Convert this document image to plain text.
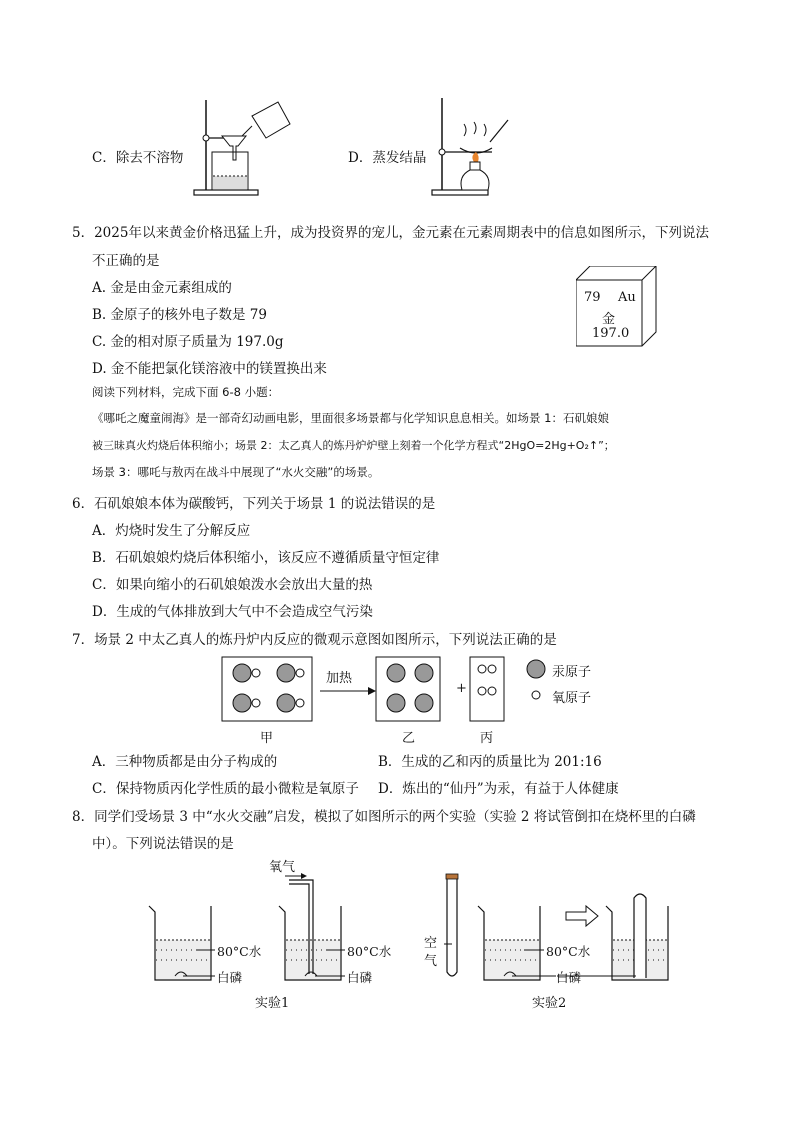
C．除去不溶物	D．蒸发结晶
5．2025年以来黄金价格迅猛上升，成为投资界的宠儿，金元素在元素周期表中的信息如图所示，下列说法
不正确的是
A. 金是由金元素组成的
B. 金原子的核外电子数是 79
C. 金的相对原子质量为 197.0g
D. 金不能把氯化镁溶液中的镁置换出来
79 Au
金
197.0
阅读下列材料，完成下面 6-8 小题：
《哪吒之魔童闹海》是一部奇幻动画电影，里面很多场景都与化学知识息息相关。如场景 1：石矶娘娘
被三昧真火灼烧后体积缩小；场景 2：太乙真人的炼丹炉炉壁上刻着一个化学方程式“2HgO=2Hg+O₂↑”；
场景 3：哪吒与敖丙在战斗中展现了“水火交融”的场景。
6．石矶娘娘本体为碳酸钙，下列关于场景 1 的说法错误的是
A．灼烧时发生了分解反应
B．石矶娘娘灼烧后体积缩小，该反应不遵循质量守恒定律
C．如果向缩小的石矶娘娘泼水会放出大量的热
D．生成的气体排放到大气中不会造成空气污染
7．场景 2 中太乙真人的炼丹炉内反应的微观示意图如图所示，下列说法正确的是
加热
+
汞原子
氧原子
甲	乙	丙
A．三种物质都是由分子构成的	B．生成的乙和丙的质量比为 201:16
C．保持物质丙化学性质的最小微粒是氧原子 D．炼出的“仙丹”为汞，有益于人体健康
8．同学们受场景 3 中“水火交融”启发，模拟了如图所示的两个实验（实验 2 将试管倒扣在烧杯里的白磷
中）。下列说法错误的是
氧气
80°C水
白磷
80°C水
白磷
实验1
空
气
80°C水
白磷
实验2
